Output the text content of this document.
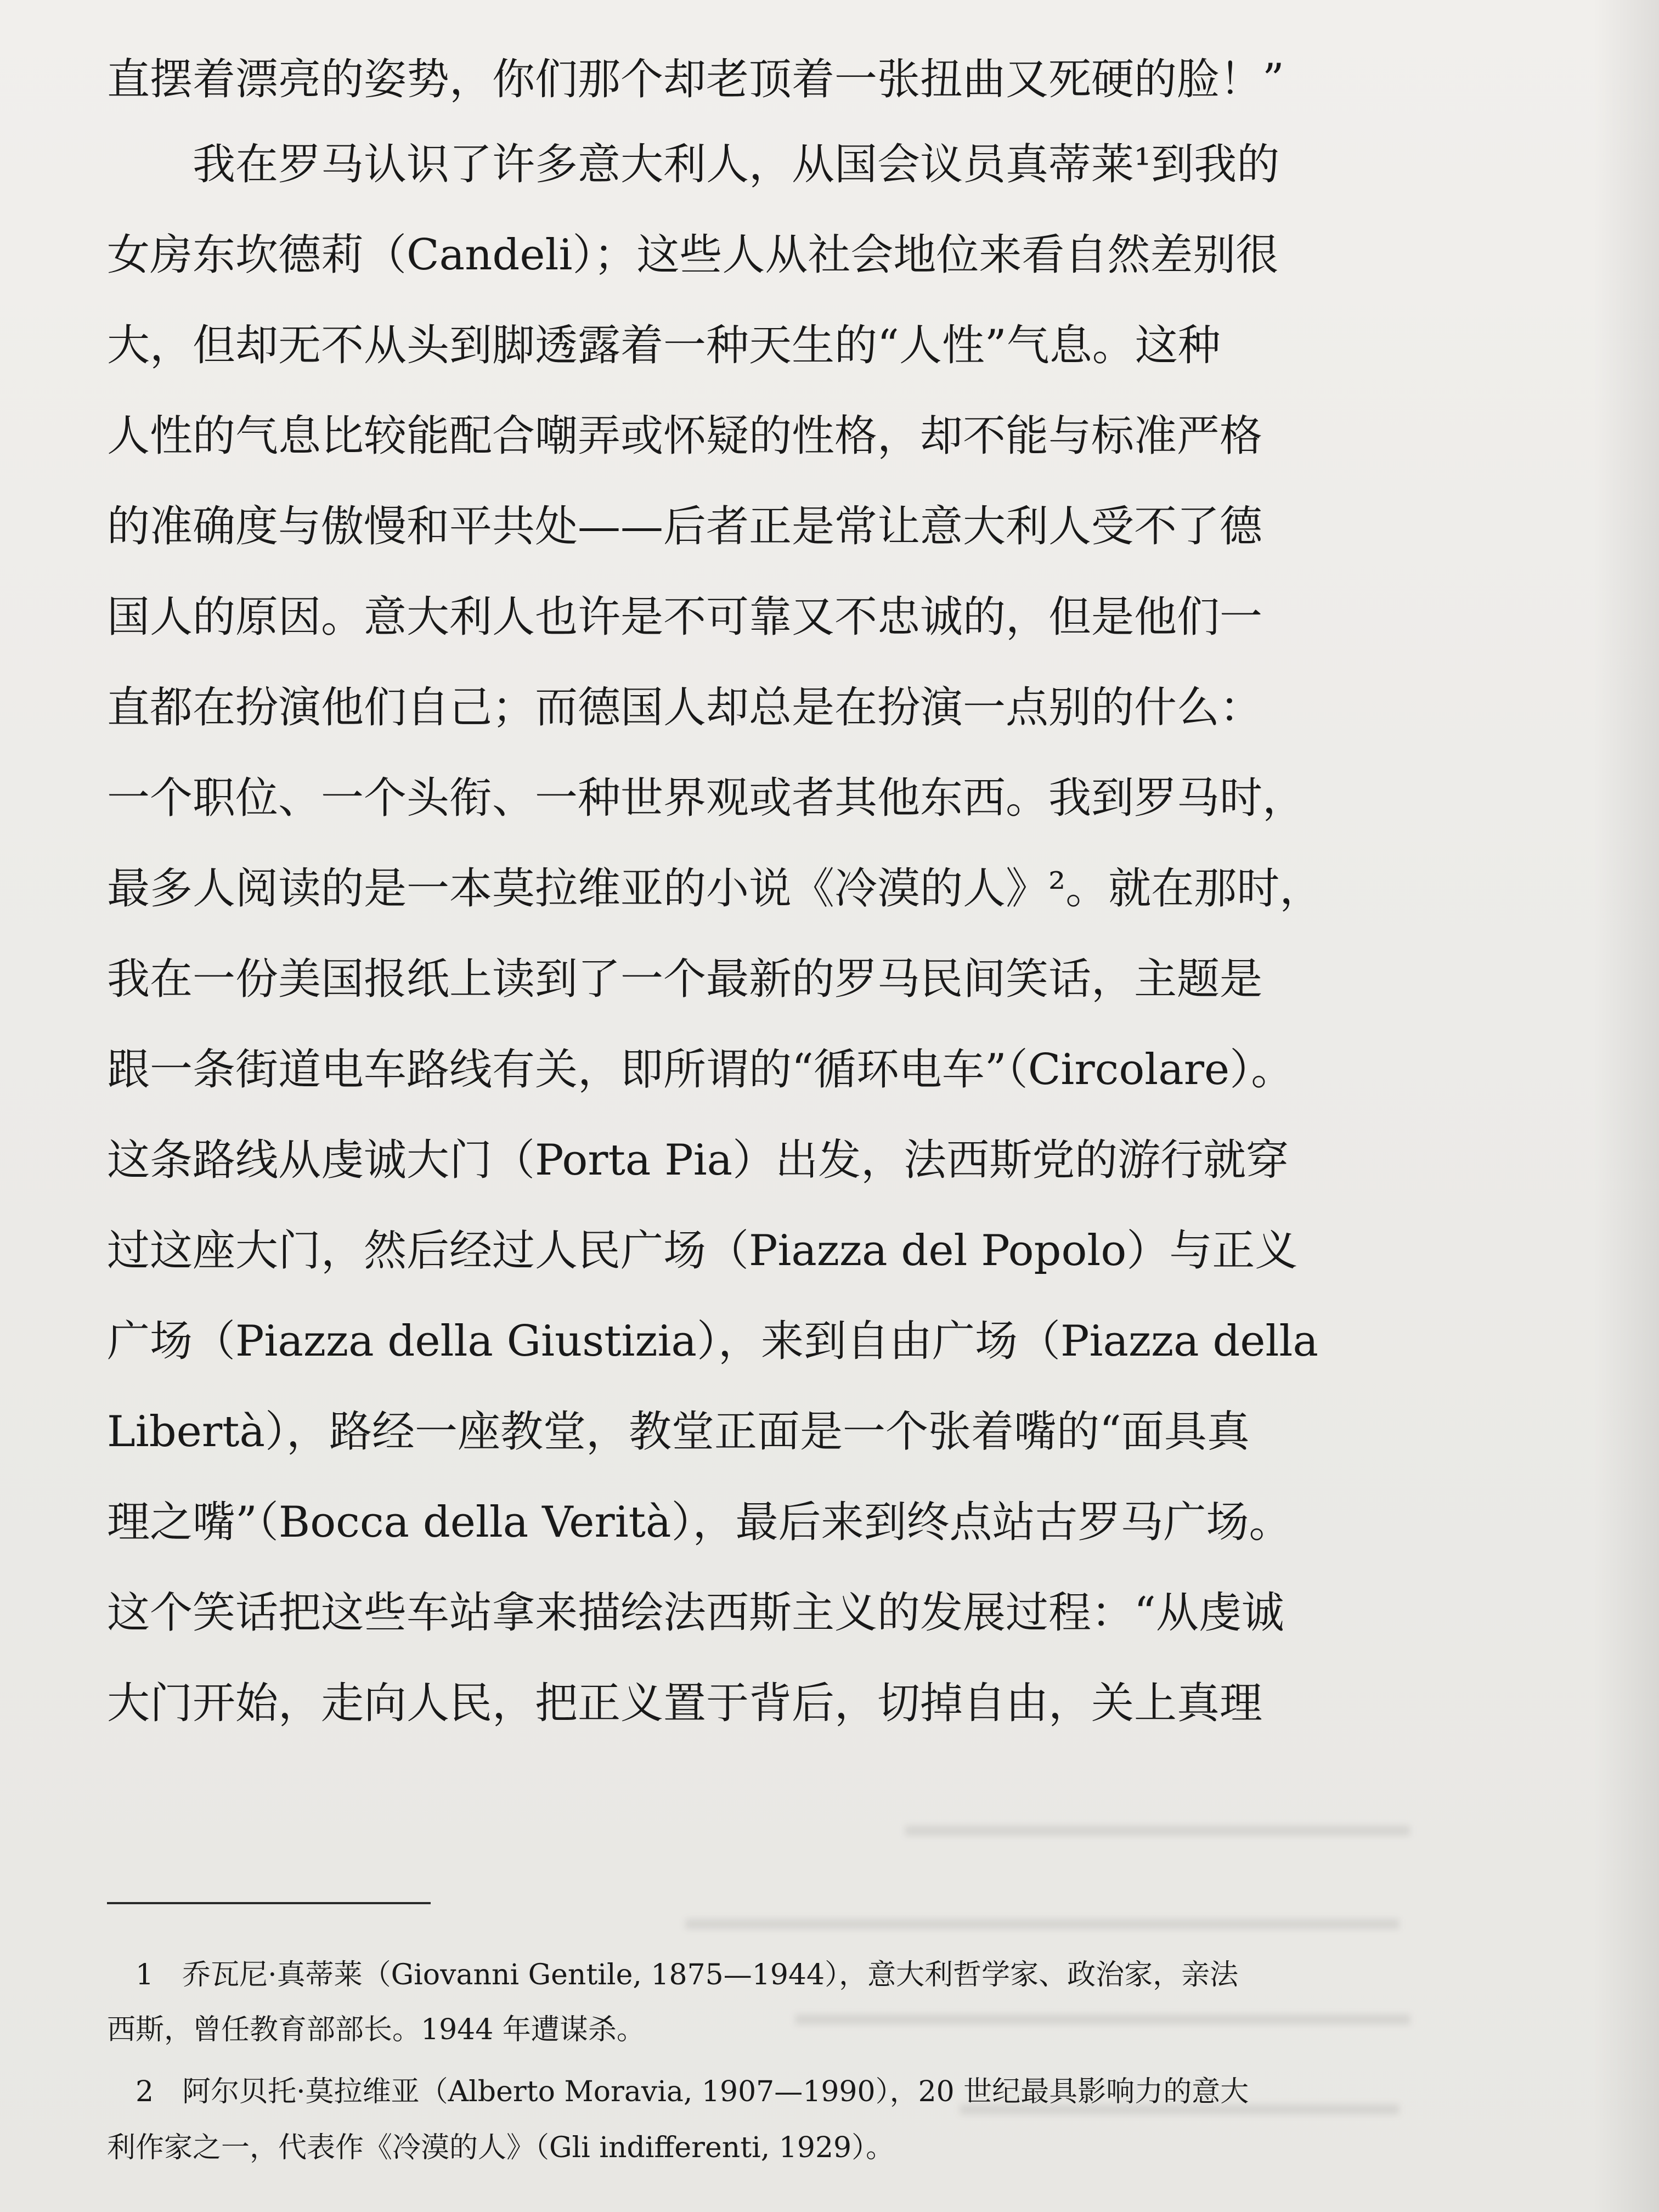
直摆着漂亮的姿势，你们那个却老顶着一张扭曲又死硬的脸！”
　　我在罗马认识了许多意大利人，从国会议员真蒂莱¹到我的
女房东坎德莉（Candeli）；这些人从社会地位来看自然差别很
大，但却无不从头到脚透露着一种天生的“人性”气息。这种
人性的气息比较能配合嘲弄或怀疑的性格，却不能与标准严格
的准确度与傲慢和平共处——后者正是常让意大利人受不了德
国人的原因。意大利人也许是不可靠又不忠诚的，但是他们一
直都在扮演他们自己；而德国人却总是在扮演一点别的什么：
一个职位、一个头衔、一种世界观或者其他东西。我到罗马时，
最多人阅读的是一本莫拉维亚的小说《冷漠的人》²。就在那时，
我在一份美国报纸上读到了一个最新的罗马民间笑话，主题是
跟一条街道电车路线有关，即所谓的“循环电车”（Circolare）。
这条路线从虔诚大门（Porta Pia）出发，法西斯党的游行就穿
过这座大门，然后经过人民广场（Piazza del Popolo）与正义
广场（Piazza della Giustizia），来到自由广场（Piazza della
Libertà），路经一座教堂，教堂正面是一个张着嘴的“面具真
理之嘴”（Bocca della Verità），最后来到终点站古罗马广场。
这个笑话把这些车站拿来描绘法西斯主义的发展过程：“从虔诚
大门开始，走向人民，把正义置于背后，切掉自由，关上真理
　1　乔瓦尼·真蒂莱（Giovanni Gentile, 1875—1944），意大利哲学家、政治家，亲法
西斯，曾任教育部部长。1944 年遭谋杀。
　2　阿尔贝托·莫拉维亚（Alberto Moravia, 1907—1990），20 世纪最具影响力的意大
利作家之一，代表作《冷漠的人》（Gli indifferenti, 1929）。
